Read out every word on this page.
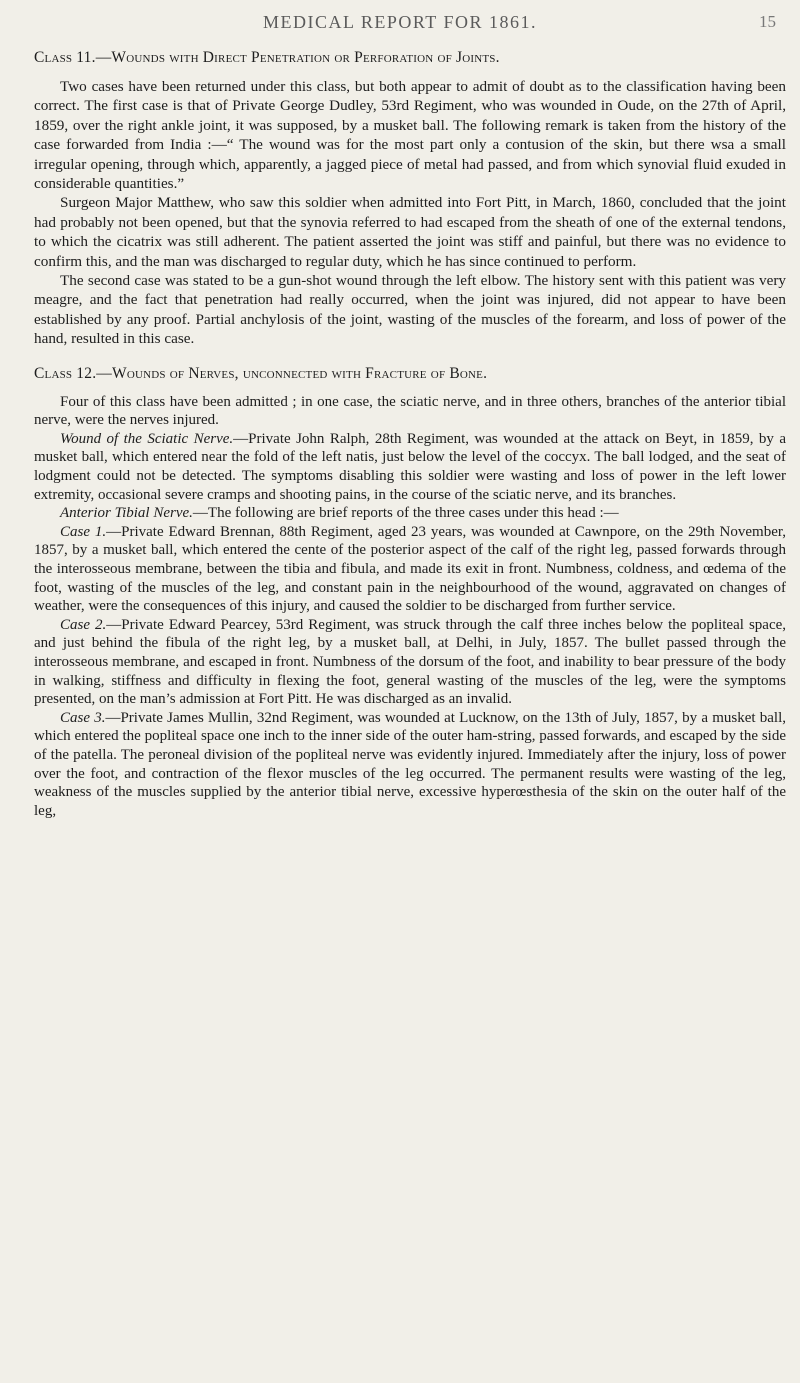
MEDICAL REPORT FOR 1861.	15
Class 11.—Wounds with Direct Penetration or Perforation of Joints.

Two cases have been returned under this class, but both appear to admit of doubt as to the classification having been correct. The first case is that of Private George Dudley, 53rd Regiment, who was wounded in Oude, on the 27th of April, 1859, over the right ankle joint, it was supposed, by a musket ball. The following remark is taken from the history of the case forwarded from India :—“ The wound was for the most part only a contusion of the skin, but there wsa a small irregular opening, through which, apparently, a jagged piece of metal had passed, and from which synovial fluid exuded in considerable quantities.”

Surgeon Major Matthew, who saw this soldier when admitted into Fort Pitt, in March, 1860, concluded that the joint had probably not been opened, but that the synovia referred to had escaped from the sheath of one of the external tendons, to which the cicatrix was still adherent. The patient asserted the joint was stiff and painful, but there was no evidence to confirm this, and the man was discharged to regular duty, which he has since continued to perform.

The second case was stated to be a gun-shot wound through the left elbow. The history sent with this patient was very meagre, and the fact that penetration had really occurred, when the joint was injured, did not appear to have been established by any proof. Partial anchylosis of the joint, wasting of the muscles of the forearm, and loss of power of the hand, resulted in this case.

Class 12.—Wounds of Nerves, unconnected with Fracture of Bone.

Four of this class have been admitted ; in one case, the sciatic nerve, and in three others, branches of the anterior tibial nerve, were the nerves injured.

Wound of the Sciatic Nerve.—Private John Ralph, 28th Regiment, was wounded at the attack on Beyt, in 1859, by a musket ball, which entered near the fold of the left natis, just below the level of the coccyx. The ball lodged, and the seat of lodgment could not be detected. The symptoms disabling this soldier were wasting and loss of power in the left lower extremity, occasional severe cramps and shooting pains, in the course of the sciatic nerve, and its branches.

Anterior Tibial Nerve.—The following are brief reports of the three cases under this head :—

Case 1.—Private Edward Brennan, 88th Regiment, aged 23 years, was wounded at Cawnpore, on the 29th November, 1857, by a musket ball, which entered the cente of the posterior aspect of the calf of the right leg, passed forwards through the interosseous membrane, between the tibia and fibula, and made its exit in front. Numbness, coldness, and œdema of the foot, wasting of the muscles of the leg, and constant pain in the neighbourhood of the wound, aggravated on changes of weather, were the consequences of this injury, and caused the soldier to be discharged from further service.

Case 2.—Private Edward Pearcey, 53rd Regiment, was struck through the calf three inches below the popliteal space, and just behind the fibula of the right leg, by a musket ball, at Delhi, in July, 1857. The bullet passed through the interosseous membrane, and escaped in front. Numbness of the dorsum of the foot, and inability to bear pressure of the body in walking, stiffness and difficulty in flexing the foot, general wasting of the muscles of the leg, were the symptoms presented, on the man’s admission at Fort Pitt. He was discharged as an invalid.

Case 3.—Private James Mullin, 32nd Regiment, was wounded at Lucknow, on the 13th of July, 1857, by a musket ball, which entered the popliteal space one inch to the inner side of the outer ham-string, passed forwards, and escaped by the side of the patella. The peroneal division of the popliteal nerve was evidently injured. Immediately after the injury, loss of power over the foot, and contraction of the flexor muscles of the leg occurred. The permanent results were wasting of the leg, weakness of the muscles supplied by the anterior tibial nerve, excessive hyperœsthesia of the skin on the outer half of the leg,
